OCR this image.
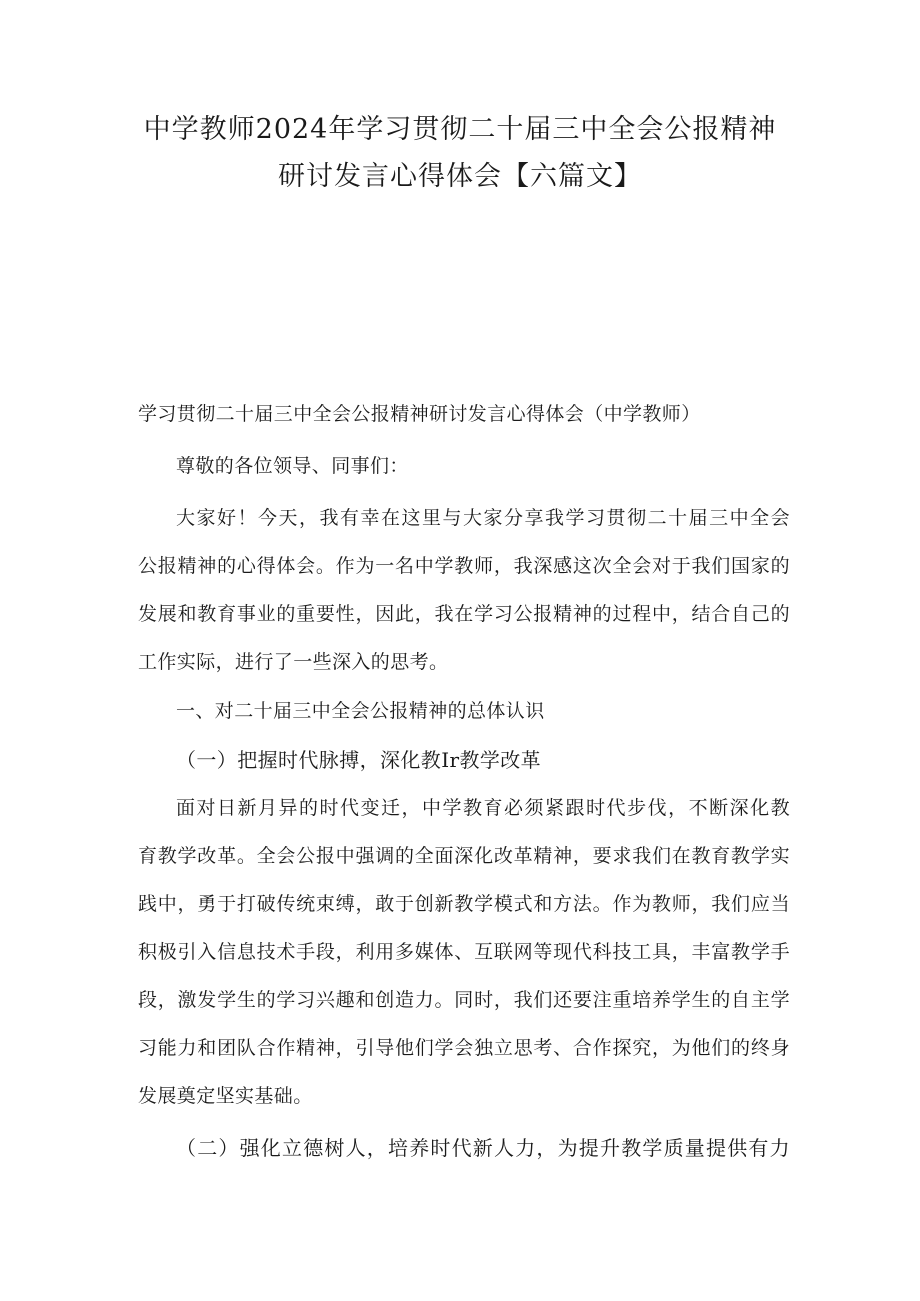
中学教师2024年学习贯彻二十届三中全会公报精神
研讨发言心得体会【六篇文】
学习贯彻二十届三中全会公报精神研讨发言心得体会（中学教师）
尊敬的各位领导、同事们：
大家好！今天，我有幸在这里与大家分享我学习贯彻二十届三中全会
公报精神的心得体会。作为一名中学教师，我深感这次全会对于我们国家的
发展和教育事业的重要性，因此，我在学习公报精神的过程中，结合自己的
工作实际，进行了一些深入的思考。
一、对二十届三中全会公报精神的总体认识
（一）把握时代脉搏，深化教Ir教学改革
面对日新月异的时代变迁，中学教育必须紧跟时代步伐，不断深化教
育教学改革。全会公报中强调的全面深化改革精神，要求我们在教育教学实
践中，勇于打破传统束缚，敢于创新教学模式和方法。作为教师，我们应当
积极引入信息技术手段，利用多媒体、互联网等现代科技工具，丰富教学手
段，激发学生的学习兴趣和创造力。同时，我们还要注重培养学生的自主学
习能力和团队合作精神，引导他们学会独立思考、合作探究，为他们的终身
发展奠定坚实基础。
（二）强化立德树人，培养时代新人力，为提升教学质量提供有力
